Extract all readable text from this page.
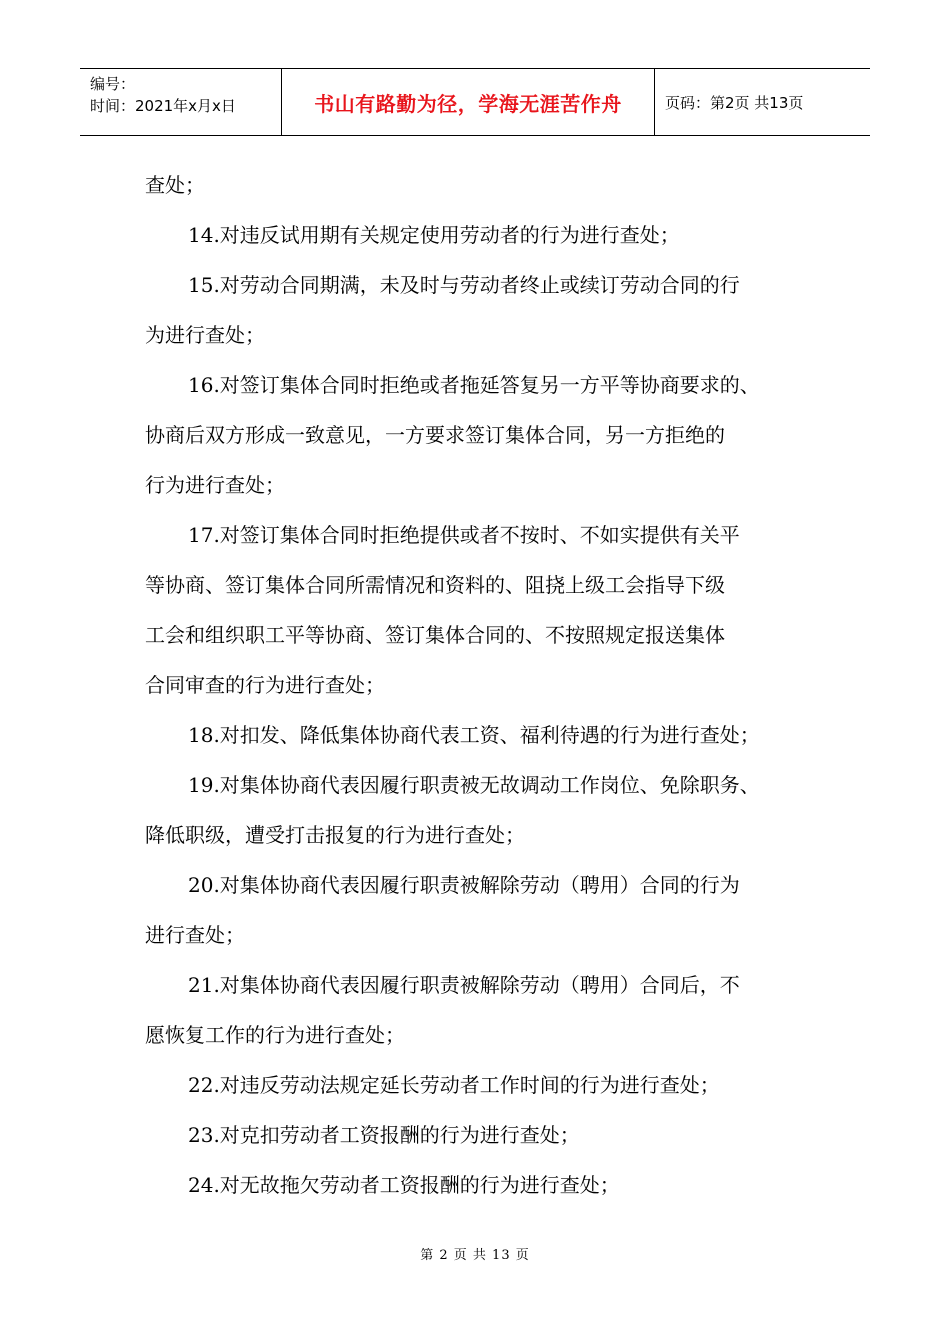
编号：
时间：2021年x月x日	书山有路勤为径，学海无涯苦作舟	页码：第2页 共13页
查处；
14.对违反试用期有关规定使用劳动者的行为进行查处；
15.对劳动合同期满，未及时与劳动者终止或续订劳动合同的行
为进行查处；
16.对签订集体合同时拒绝或者拖延答复另一方平等协商要求的、
协商后双方形成一致意见，一方要求签订集体合同，另一方拒绝的
行为进行查处；
17.对签订集体合同时拒绝提供或者不按时、不如实提供有关平
等协商、签订集体合同所需情况和资料的、阻挠上级工会指导下级
工会和组织职工平等协商、签订集体合同的、不按照规定报送集体
合同审查的行为进行查处；
18.对扣发、降低集体协商代表工资、福利待遇的行为进行查处；
19.对集体协商代表因履行职责被无故调动工作岗位、免除职务、
降低职级，遭受打击报复的行为进行查处；
20.对集体协商代表因履行职责被解除劳动（聘用）合同的行为
进行查处；
21.对集体协商代表因履行职责被解除劳动（聘用）合同后，不
愿恢复工作的行为进行查处；
22.对违反劳动法规定延长劳动者工作时间的行为进行查处；
23.对克扣劳动者工资报酬的行为进行查处；
24.对无故拖欠劳动者工资报酬的行为进行查处；
第 2 页 共 13 页
